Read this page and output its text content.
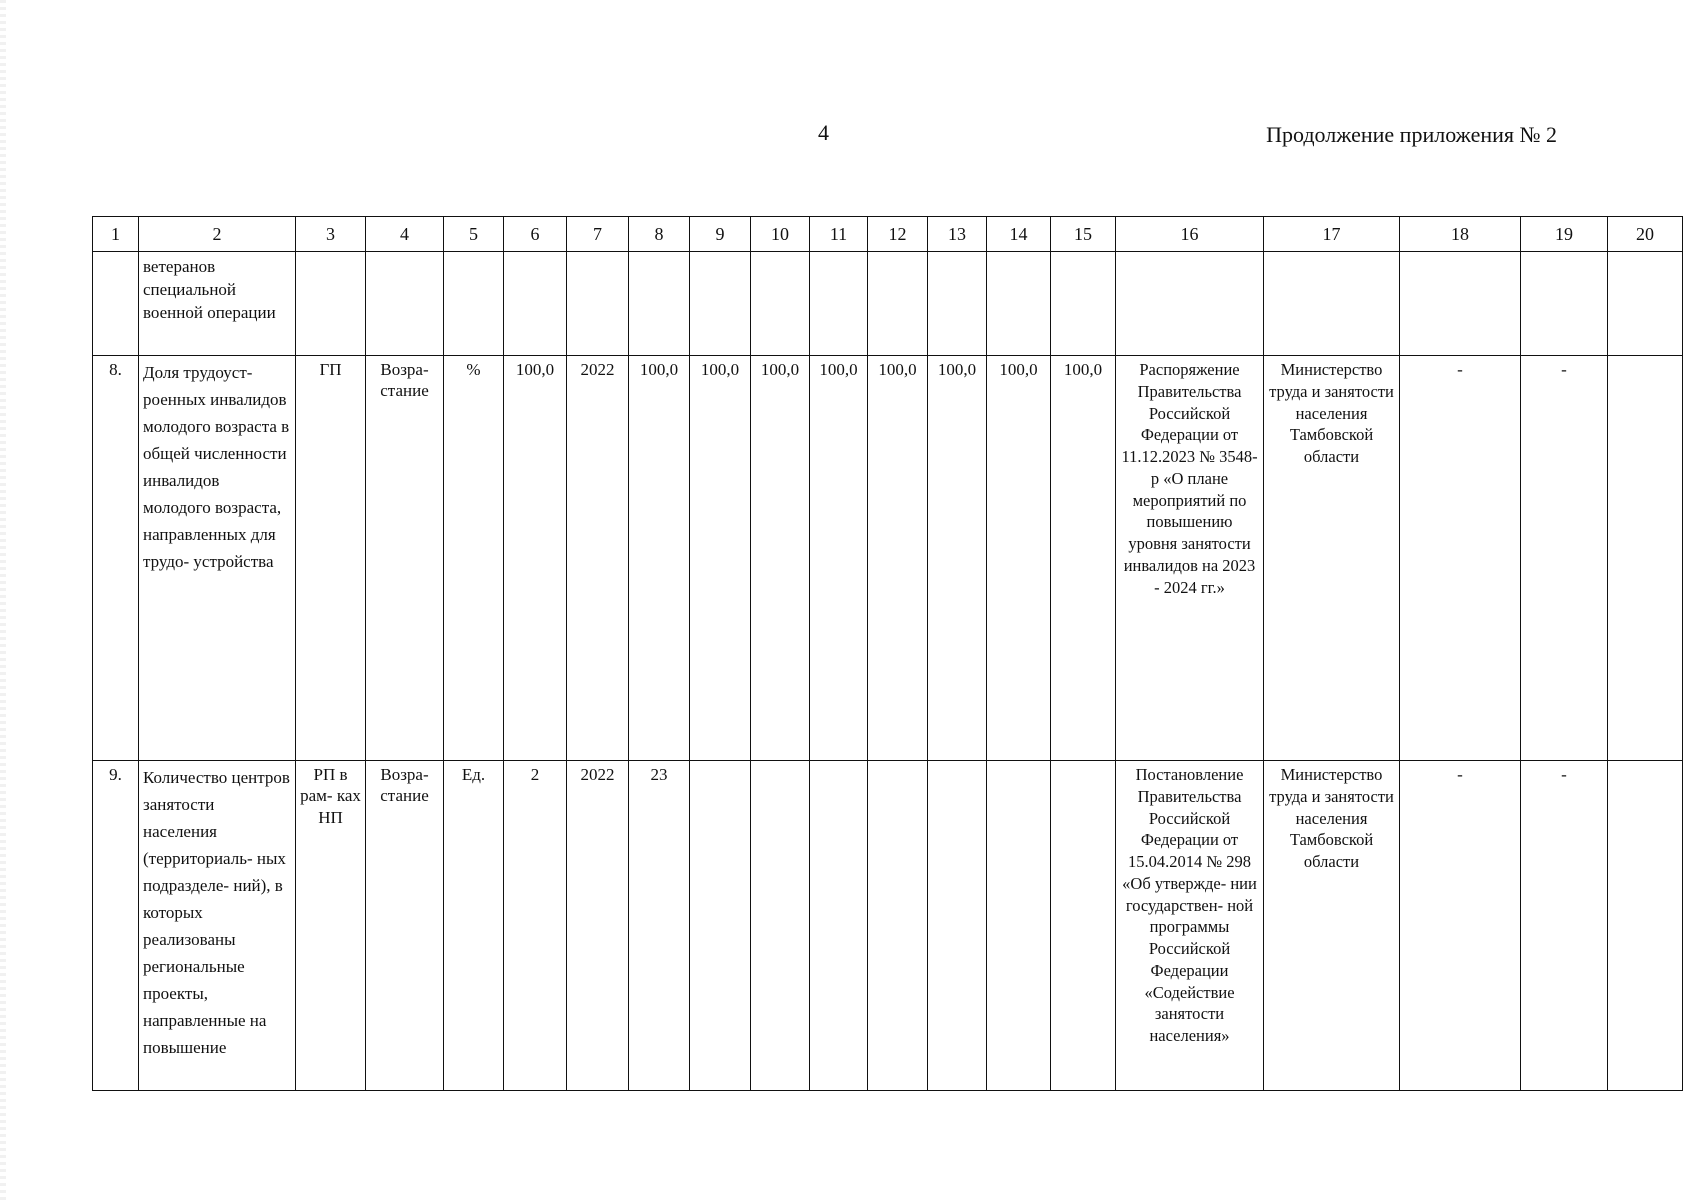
4	Продолжение приложения № 2
1	2	3	4	5	6	7	8	9	10	11	12	13	14	15	16	17	18	19	20
	ветеранов специальной военной операции																		
8.	Доля трудоуст- роенных инвалидов молодого возраста в общей численности инвалидов молодого возраста, направленных для трудо- устройства	ГП	Возра- стание	%	100,0	2022	100,0	100,0	100,0	100,0	100,0	100,0	100,0	100,0	Распоряжение Правительства Российской Федерации от 11.12.2023 № 3548-р «О плане мероприятий по повышению уровня занятости инвалидов на 2023 - 2024 гг.»	Министерство труда и занятости населения Тамбовской области	-	-	
9.	Количество центров занятости населения (территориаль- ных подразделе- ний), в которых реализованы региональные проекты, направленные на повышение	РП в рам- ках НП	Возра- стание	Ед.	2	2022	23								Постановление Правительства Российской Федерации от 15.04.2014 № 298 «Об утвержде- нии государствен- ной программы Российской Федерации «Содействие занятости населения»	Министерство труда и занятости населения Тамбовской области	-	-	
